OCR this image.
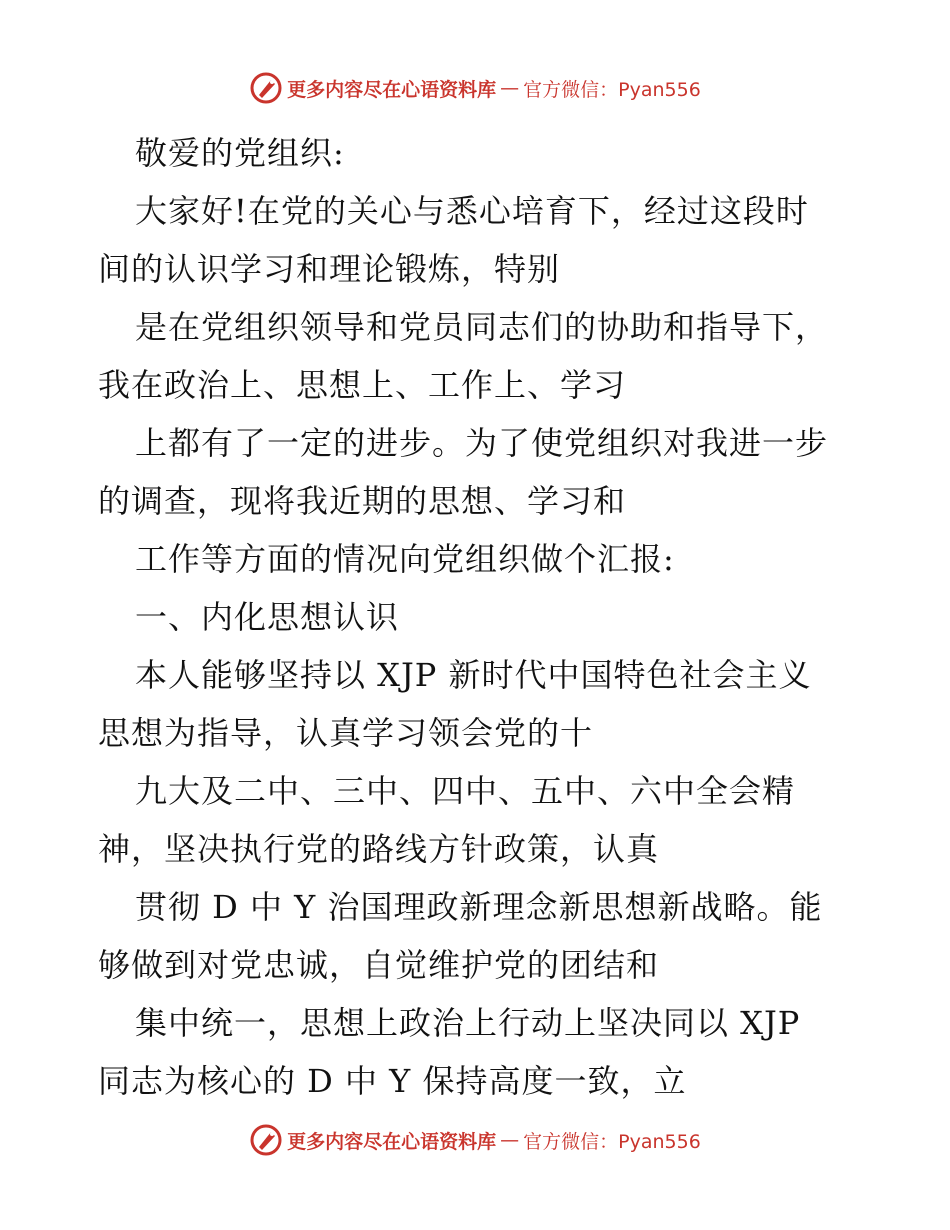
更多内容尽在心语资料库 — 官方微信：Pyan556
敬爱的党组织:
大家好!在党的关心与悉心培育下，经过这段时
间的认识学习和理论锻炼，特别
是在党组织领导和党员同志们的协助和指导下，
我在政治上、思想上、工作上、学习
上都有了一定的进步。为了使党组织对我进一步
的调查，现将我近期的思想、学习和
工作等方面的情况向党组织做个汇报:
一、内化思想认识
本人能够坚持以 XJP 新时代中国特色社会主义
思想为指导，认真学习领会党的十
九大及二中、三中、四中、五中、六中全会精
神，坚决执行党的路线方针政策，认真
贯彻 D 中 Y 治国理政新理念新思想新战略。能
够做到对党忠诚，自觉维护党的团结和
集中统一，思想上政治上行动上坚决同以 XJP
同志为核心的 D 中 Y 保持高度一致，立
更多内容尽在心语资料库 — 官方微信：Pyan556
